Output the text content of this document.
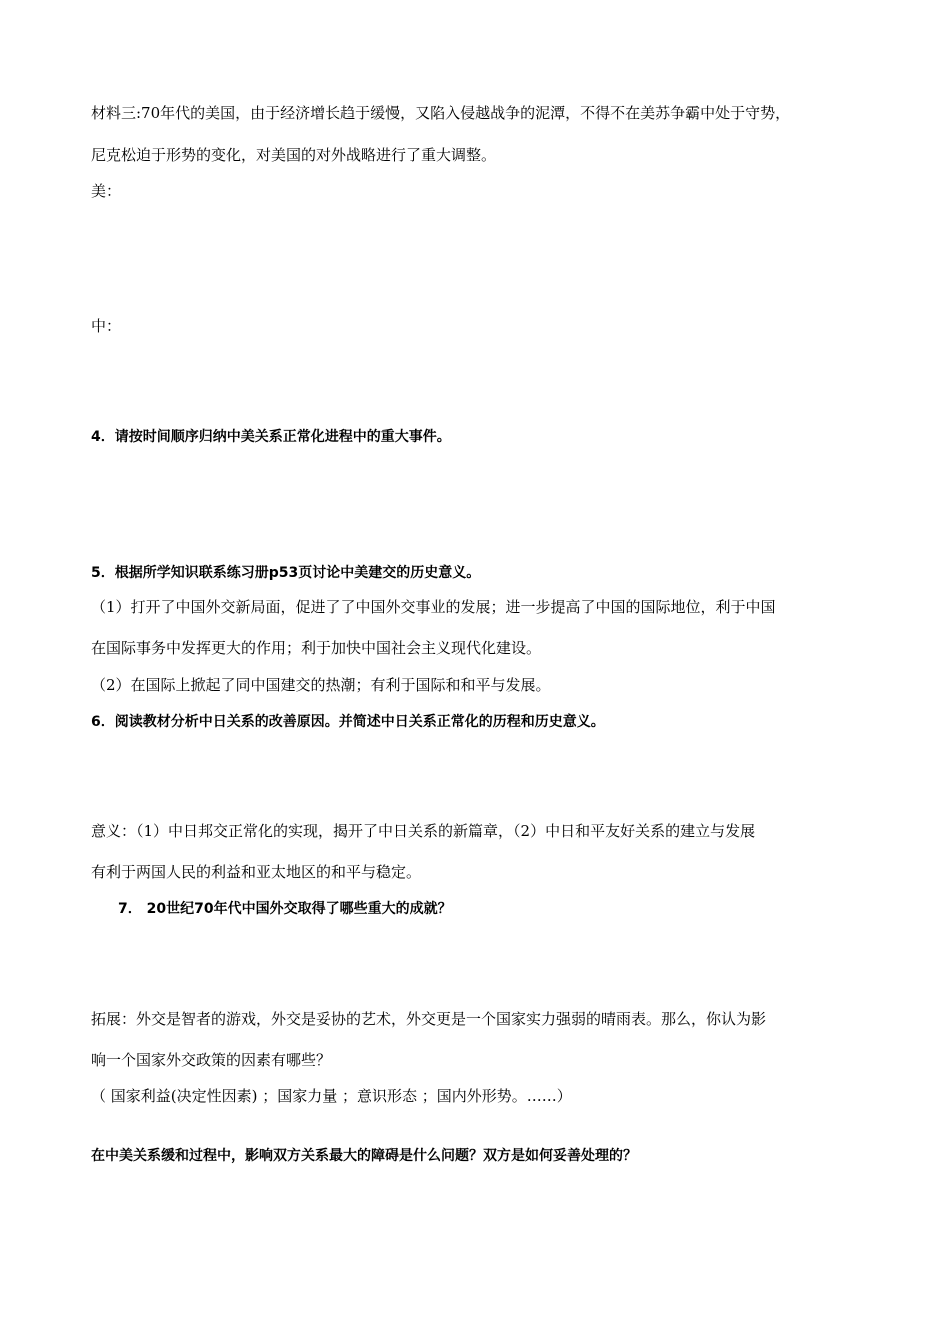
材料三:70年代的美国，由于经济增长趋于缓慢，又陷入侵越战争的泥潭，不得不在美苏争霸中处于守势，
尼克松迫于形势的变化，对美国的对外战略进行了重大调整。
美：
中：
4．请按时间顺序归纳中美关系正常化进程中的重大事件。
5．根据所学知识联系练习册p53页讨论中美建交的历史意义。
（1）打开了中国外交新局面，促进了了中国外交事业的发展；进一步提高了中国的国际地位，利于中国
在国际事务中发挥更大的作用；利于加快中国社会主义现代化建设。
（2）在国际上掀起了同中国建交的热潮；有利于国际和和平与发展。
6．阅读教材分析中日关系的改善原因。并简述中日关系正常化的历程和历史意义。
意义：（1）中日邦交正常化的实现，揭开了中日关系的新篇章，（2）中日和平友好关系的建立与发展
有利于两国人民的利益和亚太地区的和平与稳定。
7． 20世纪70年代中国外交取得了哪些重大的成就？
拓展：外交是智者的游戏，外交是妥协的艺术，外交更是一个国家实力强弱的晴雨表。那么，你认为影
响一个国家外交政策的因素有哪些？
（ 国家利益(决定性因素) ；国家力量 ；意识形态 ；国内外形势。……）
在中美关系缓和过程中，影响双方关系最大的障碍是什么问题？双方是如何妥善处理的？
